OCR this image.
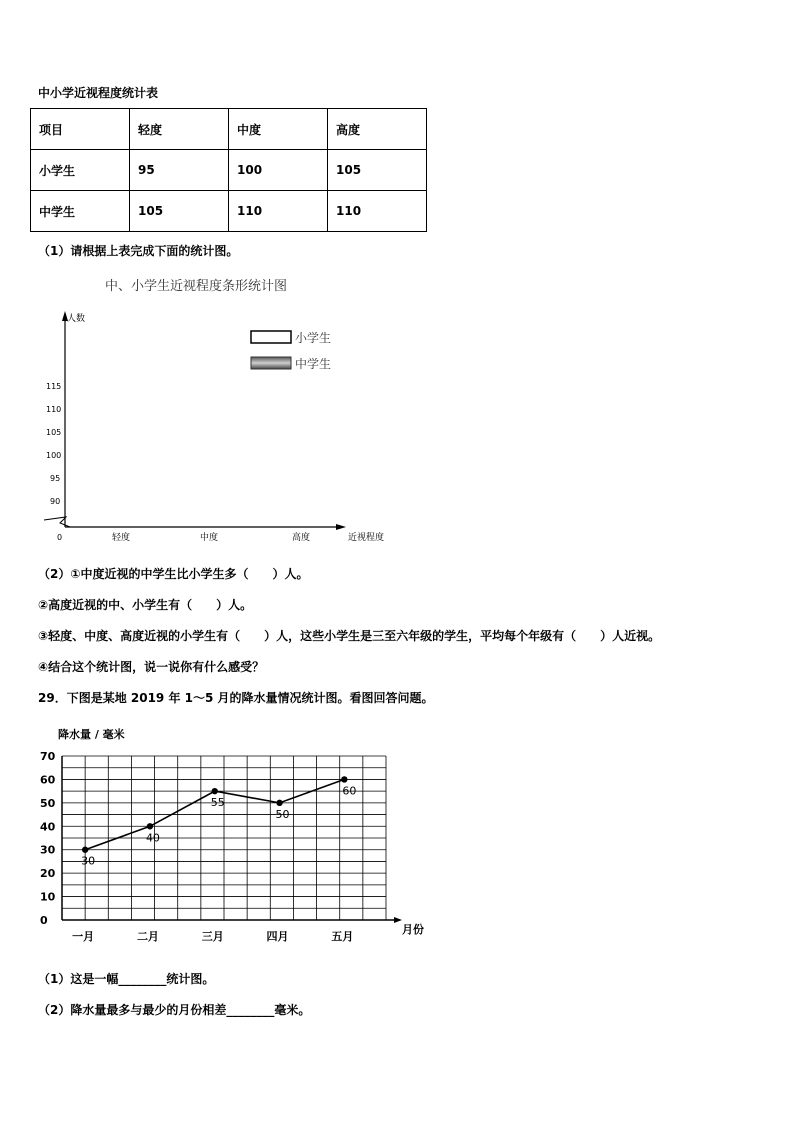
中小学近视程度统计表
项目	轻度	中度	高度
小学生	95	100	105
中学生	105	110	110
（1）请根据上表完成下面的统计图。
中、小学生近视程度条形统计图
人数
近视程度
0
115
110
105
100
95
90
轻度	中度	高度
小学生
中学生
（2）①中度近视的中学生比小学生多（　　）人。
②高度近视的中、小学生有（　　）人。
③轻度、中度、高度近视的小学生有（　　）人，这些小学生是三至六年级的学生，平均每个年级有（　　）人近视。
④结合这个统计图，说一说你有什么感受？
29．下图是某地 2019 年 1～5 月的降水量情况统计图。看图回答问题。
降水量 / 毫米
月份
0
10
20
30
40
50
60
70
一月	二月	三月	四月	五月
30
40
55
50
60
（1）这是一幅________统计图。
（2）降水量最多与最少的月份相差________毫米。
